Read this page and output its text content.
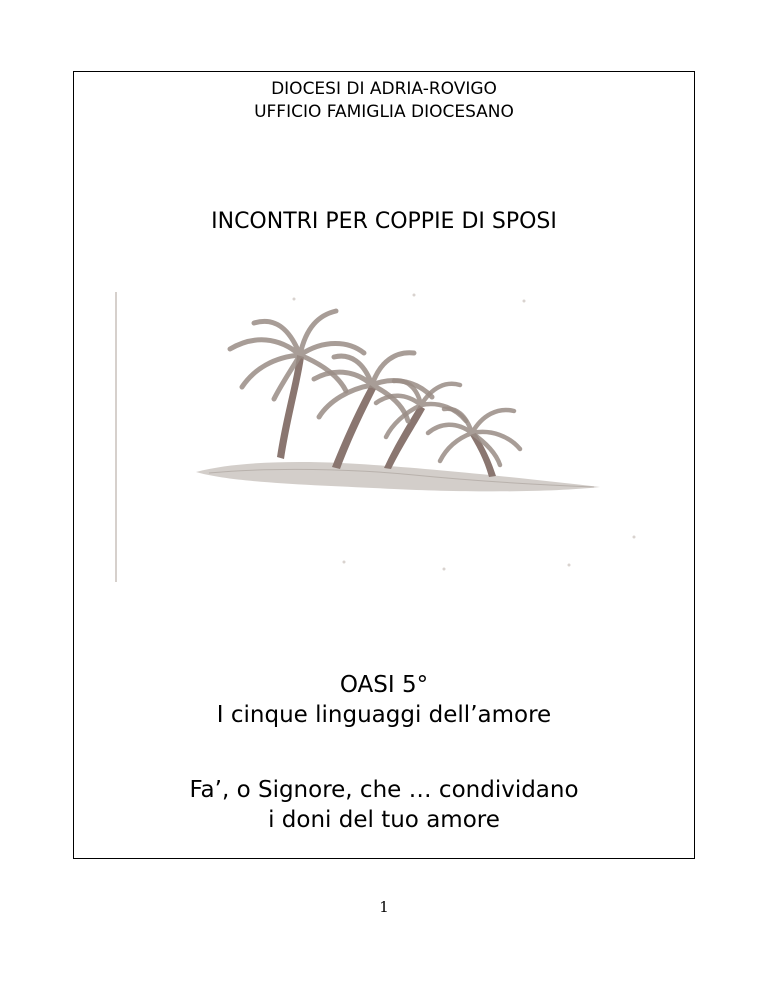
DIOCESI DI ADRIA-ROVIGO
UFFICIO FAMIGLIA DIOCESANO
INCONTRI PER COPPIE DI SPOSI
OASI 5°
I cinque linguaggi dell’amore
Fa’, o Signore, che … condividano
i doni del tuo amore
1
